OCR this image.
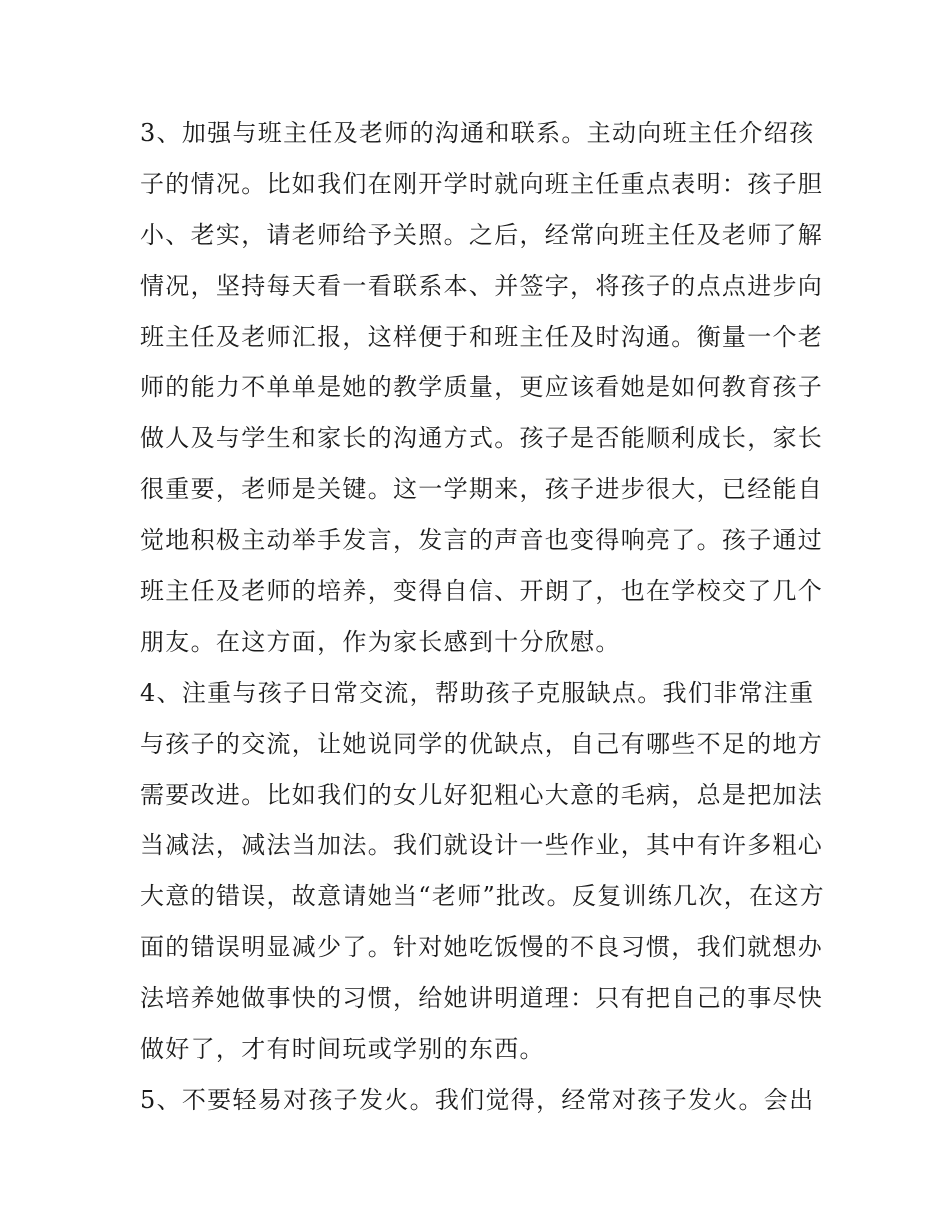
3、加强与班主任及老师的沟通和联系。主动向班主任介绍孩
子的情况。比如我们在刚开学时就向班主任重点表明：孩子胆
小、老实，请老师给予关照。之后，经常向班主任及老师了解
情况，坚持每天看一看联系本、并签字，将孩子的点点进步向
班主任及老师汇报，这样便于和班主任及时沟通。衡量一个老
师的能力不单单是她的教学质量，更应该看她是如何教育孩子
做人及与学生和家长的沟通方式。孩子是否能顺利成长，家长
很重要，老师是关键。这一学期来，孩子进步很大，已经能自
觉地积极主动举手发言，发言的声音也变得响亮了。孩子通过
班主任及老师的培养，变得自信、开朗了，也在学校交了几个
朋友。在这方面，作为家长感到十分欣慰。
4、注重与孩子日常交流，帮助孩子克服缺点。我们非常注重
与孩子的交流，让她说同学的优缺点，自己有哪些不足的地方
需要改进。比如我们的女儿好犯粗心大意的毛病，总是把加法
当减法，减法当加法。我们就设计一些作业，其中有许多粗心
大意的错误，故意请她当“老师”批改。反复训练几次，在这方
面的错误明显减少了。针对她吃饭慢的不良习惯，我们就想办
法培养她做事快的习惯，给她讲明道理：只有把自己的事尽快
做好了，才有时间玩或学别的东西。
5、不要轻易对孩子发火。我们觉得，经常对孩子发火。会出
